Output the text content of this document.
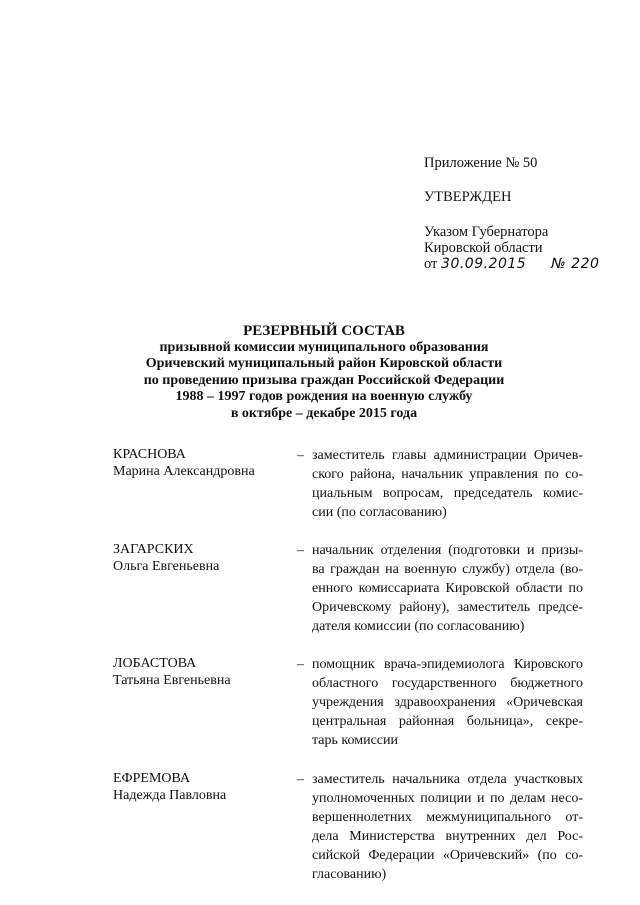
Приложение № 50
УТВЕРЖДЕН
Указом Губернатора
Кировской области
от 30.09.2015 № 220
РЕЗЕРВНЫЙ СОСТАВ
призывной комиссии муниципального образования
Оричевский муниципальный район Кировской области
по проведению призыва граждан Российской Федерации
1988 – 1997 годов рождения на военную службу
в октябре – декабре 2015 года
КРАСНОВА
Марина Александровна
– заместитель главы администрации Оричев-
ского района, начальник управления по со-
циальным вопросам, председатель комис-
сии (по согласованию)
ЗАГАРСКИХ
Ольга Евгеньевна
– начальник отделения (подготовки и призы-
ва граждан на военную службу) отдела (во-
енного комиссариата Кировской области по
Оричевскому району), заместитель предсе-
дателя комиссии (по согласованию)
ЛОБАСТОВА
Татьяна Евгеньевна
– помощник врача-эпидемиолога Кировского
областного государственного бюджетного
учреждения здравоохранения «Оричевская
центральная районная больница», секре-
тарь комиссии
ЕФРЕМОВА
Надежда Павловна
– заместитель начальника отдела участковых
уполномоченных полиции и по делам несо-
вершеннолетних межмуниципального от-
дела Министерства внутренних дел Рос-
сийской Федерации «Оричевский» (по со-
гласованию)
